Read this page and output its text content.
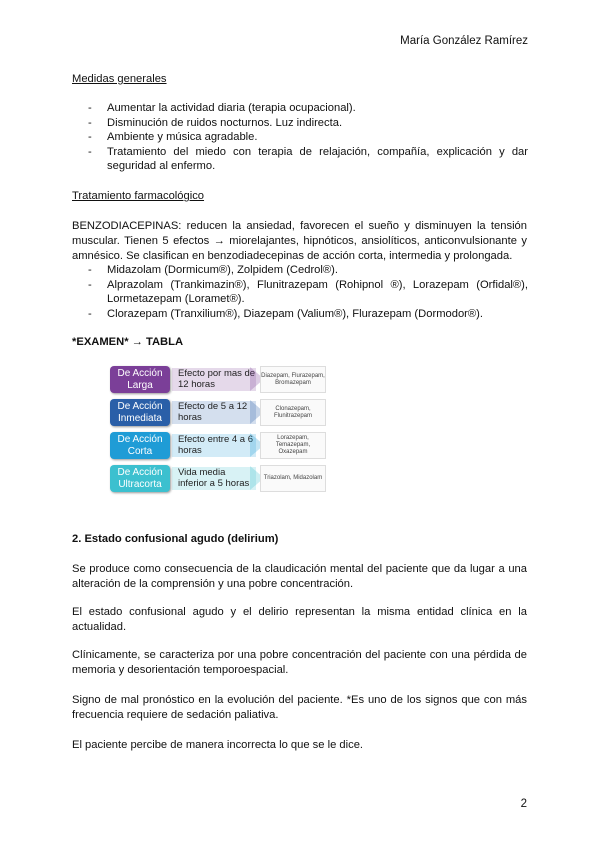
María González Ramírez
Medidas generales
- Aumentar la actividad diaria (terapia ocupacional).
- Disminución de ruidos nocturnos. Luz indirecta.
- Ambiente y música agradable.
- Tratamiento del miedo con terapia de relajación, compañía, explicación y dar seguridad al enfermo.
Tratamiento farmacológico

BENZODIACEPINAS: reducen la ansiedad, favorecen el sueño y disminuyen la tensión muscular. Tienen 5 efectos → miorelajantes, hipnóticos, ansiolíticos, anticonvulsionante y amnésico. Se clasifican en benzodiadecepinas de acción corta, intermedia y prolongada.

- Midazolam (Dormicum®), Zolpidem (Cedrol®).
- Alprazolam (Trankimazin®), Flunitrazepam (Rohipnol ®), Lorazepam (Orfidal®), Lormetazepam (Loramet®).
- Clorazepam (Tranxilium®), Diazepam (Valium®), Flurazepam (Dormodor®).
*EXAMEN* → TABLA
De Acción Larga
Efecto por mas de 12 horas
Diazepam, Flurazepam, Bromazepam
De Acción Inmediata
Efecto de 5 a 12 horas
Clonazepam, Flunitrazepam
De Acción Corta
Efecto entre 4 a 6 horas
Lorazepam, Temazepam, Oxazepam
De Acción Ultracorta
Vida media inferior a 5 horas	Triazolam, Midazolam
2. Estado confusional agudo (delirium)

Se produce como consecuencia de la claudicación mental del paciente que da lugar a una alteración de la comprensión y una pobre concentración.

El estado confusional agudo y el delirio representan la misma entidad clínica en la actualidad.

Clínicamente, se caracteriza por una pobre concentración del paciente con una pérdida de memoria y desorientación temporoespacial.

Signo de mal pronóstico en la evolución del paciente. *Es uno de los signos que con más frecuencia requiere de sedación paliativa.

El paciente percibe de manera incorrecta lo que se le dice.

2
